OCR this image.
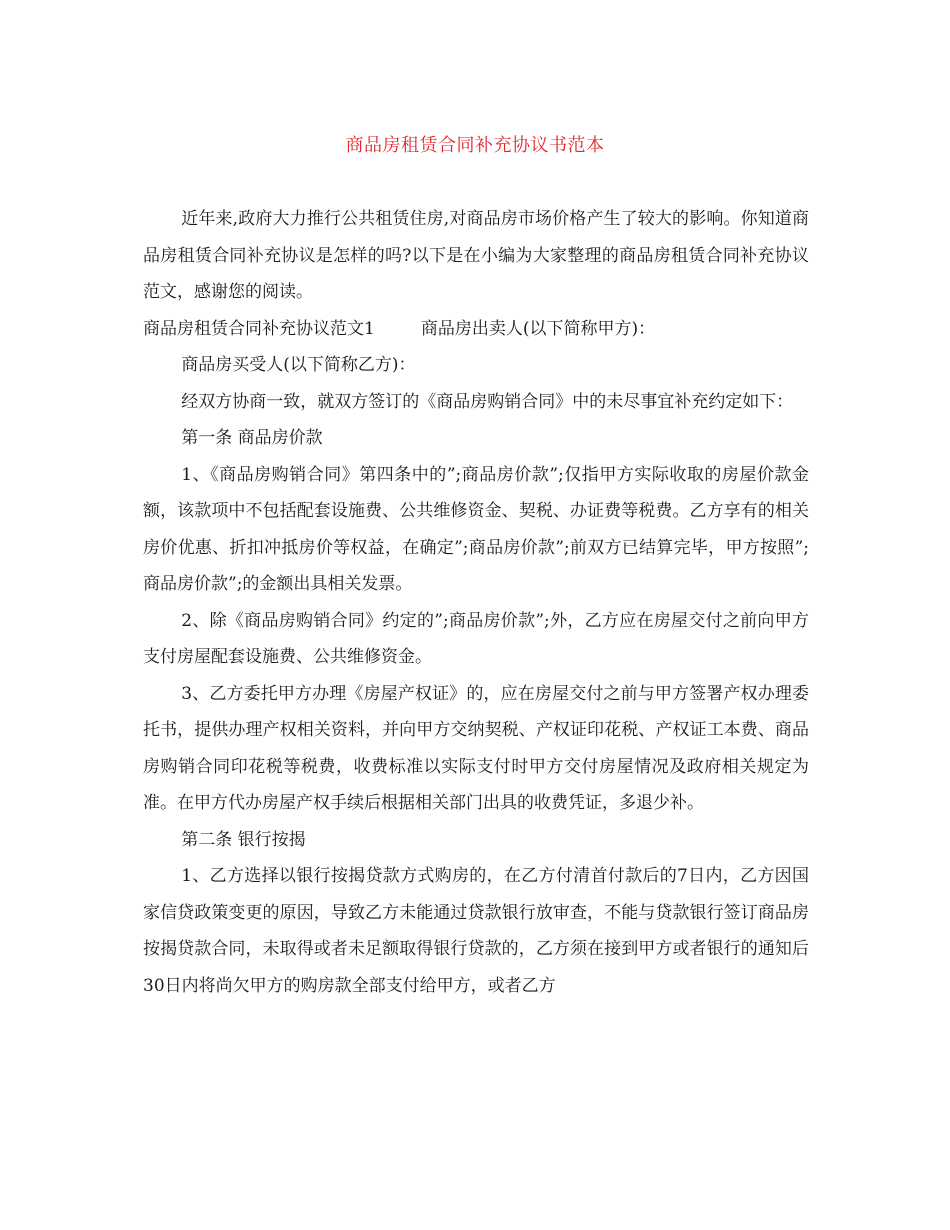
商品房租赁合同补充协议书范本

近年来,政府大力推行公共租赁住房,对商品房市场价格产生了较大的影响。你知道商品房租赁合同补充协议是怎样的吗?以下是在小编为大家整理的商品房租赁合同补充协议范文，感谢您的阅读。

商品房租赁合同补充协议范文1	商品房出卖人(以下简称甲方)：

商品房买受人(以下简称乙方)：

经双方协商一致，就双方签订的《商品房购销合同》中的未尽事宜补充约定如下：

第一条 商品房价款

1、《商品房购销合同》第四条中的”;商品房价款”;仅指甲方实际收取的房屋价款金额，该款项中不包括配套设施费、公共维修资金、契税、办证费等税费。乙方享有的相关房价优惠、折扣冲抵房价等权益，在确定”;商品房价款”;前双方已结算完毕，甲方按照”;商品房价款”;的金额出具相关发票。

2、除《商品房购销合同》约定的”;商品房价款”;外，乙方应在房屋交付之前向甲方支付房屋配套设施费、公共维修资金。

3、乙方委托甲方办理《房屋产权证》的，应在房屋交付之前与甲方签署产权办理委托书，提供办理产权相关资料，并向甲方交纳契税、产权证印花税、产权证工本费、商品房购销合同印花税等税费，收费标准以实际支付时甲方交付房屋情况及政府相关规定为准。在甲方代办房屋产权手续后根据相关部门出具的收费凭证，多退少补。

第二条 银行按揭

1、乙方选择以银行按揭贷款方式购房的，在乙方付清首付款后的7日内，乙方因国家信贷政策变更的原因，导致乙方未能通过贷款银行放审查，不能与贷款银行签订商品房按揭贷款合同，未取得或者未足额取得银行贷款的，乙方须在接到甲方或者银行的通知后30日内将尚欠甲方的购房款全部支付给甲方，或者乙方
